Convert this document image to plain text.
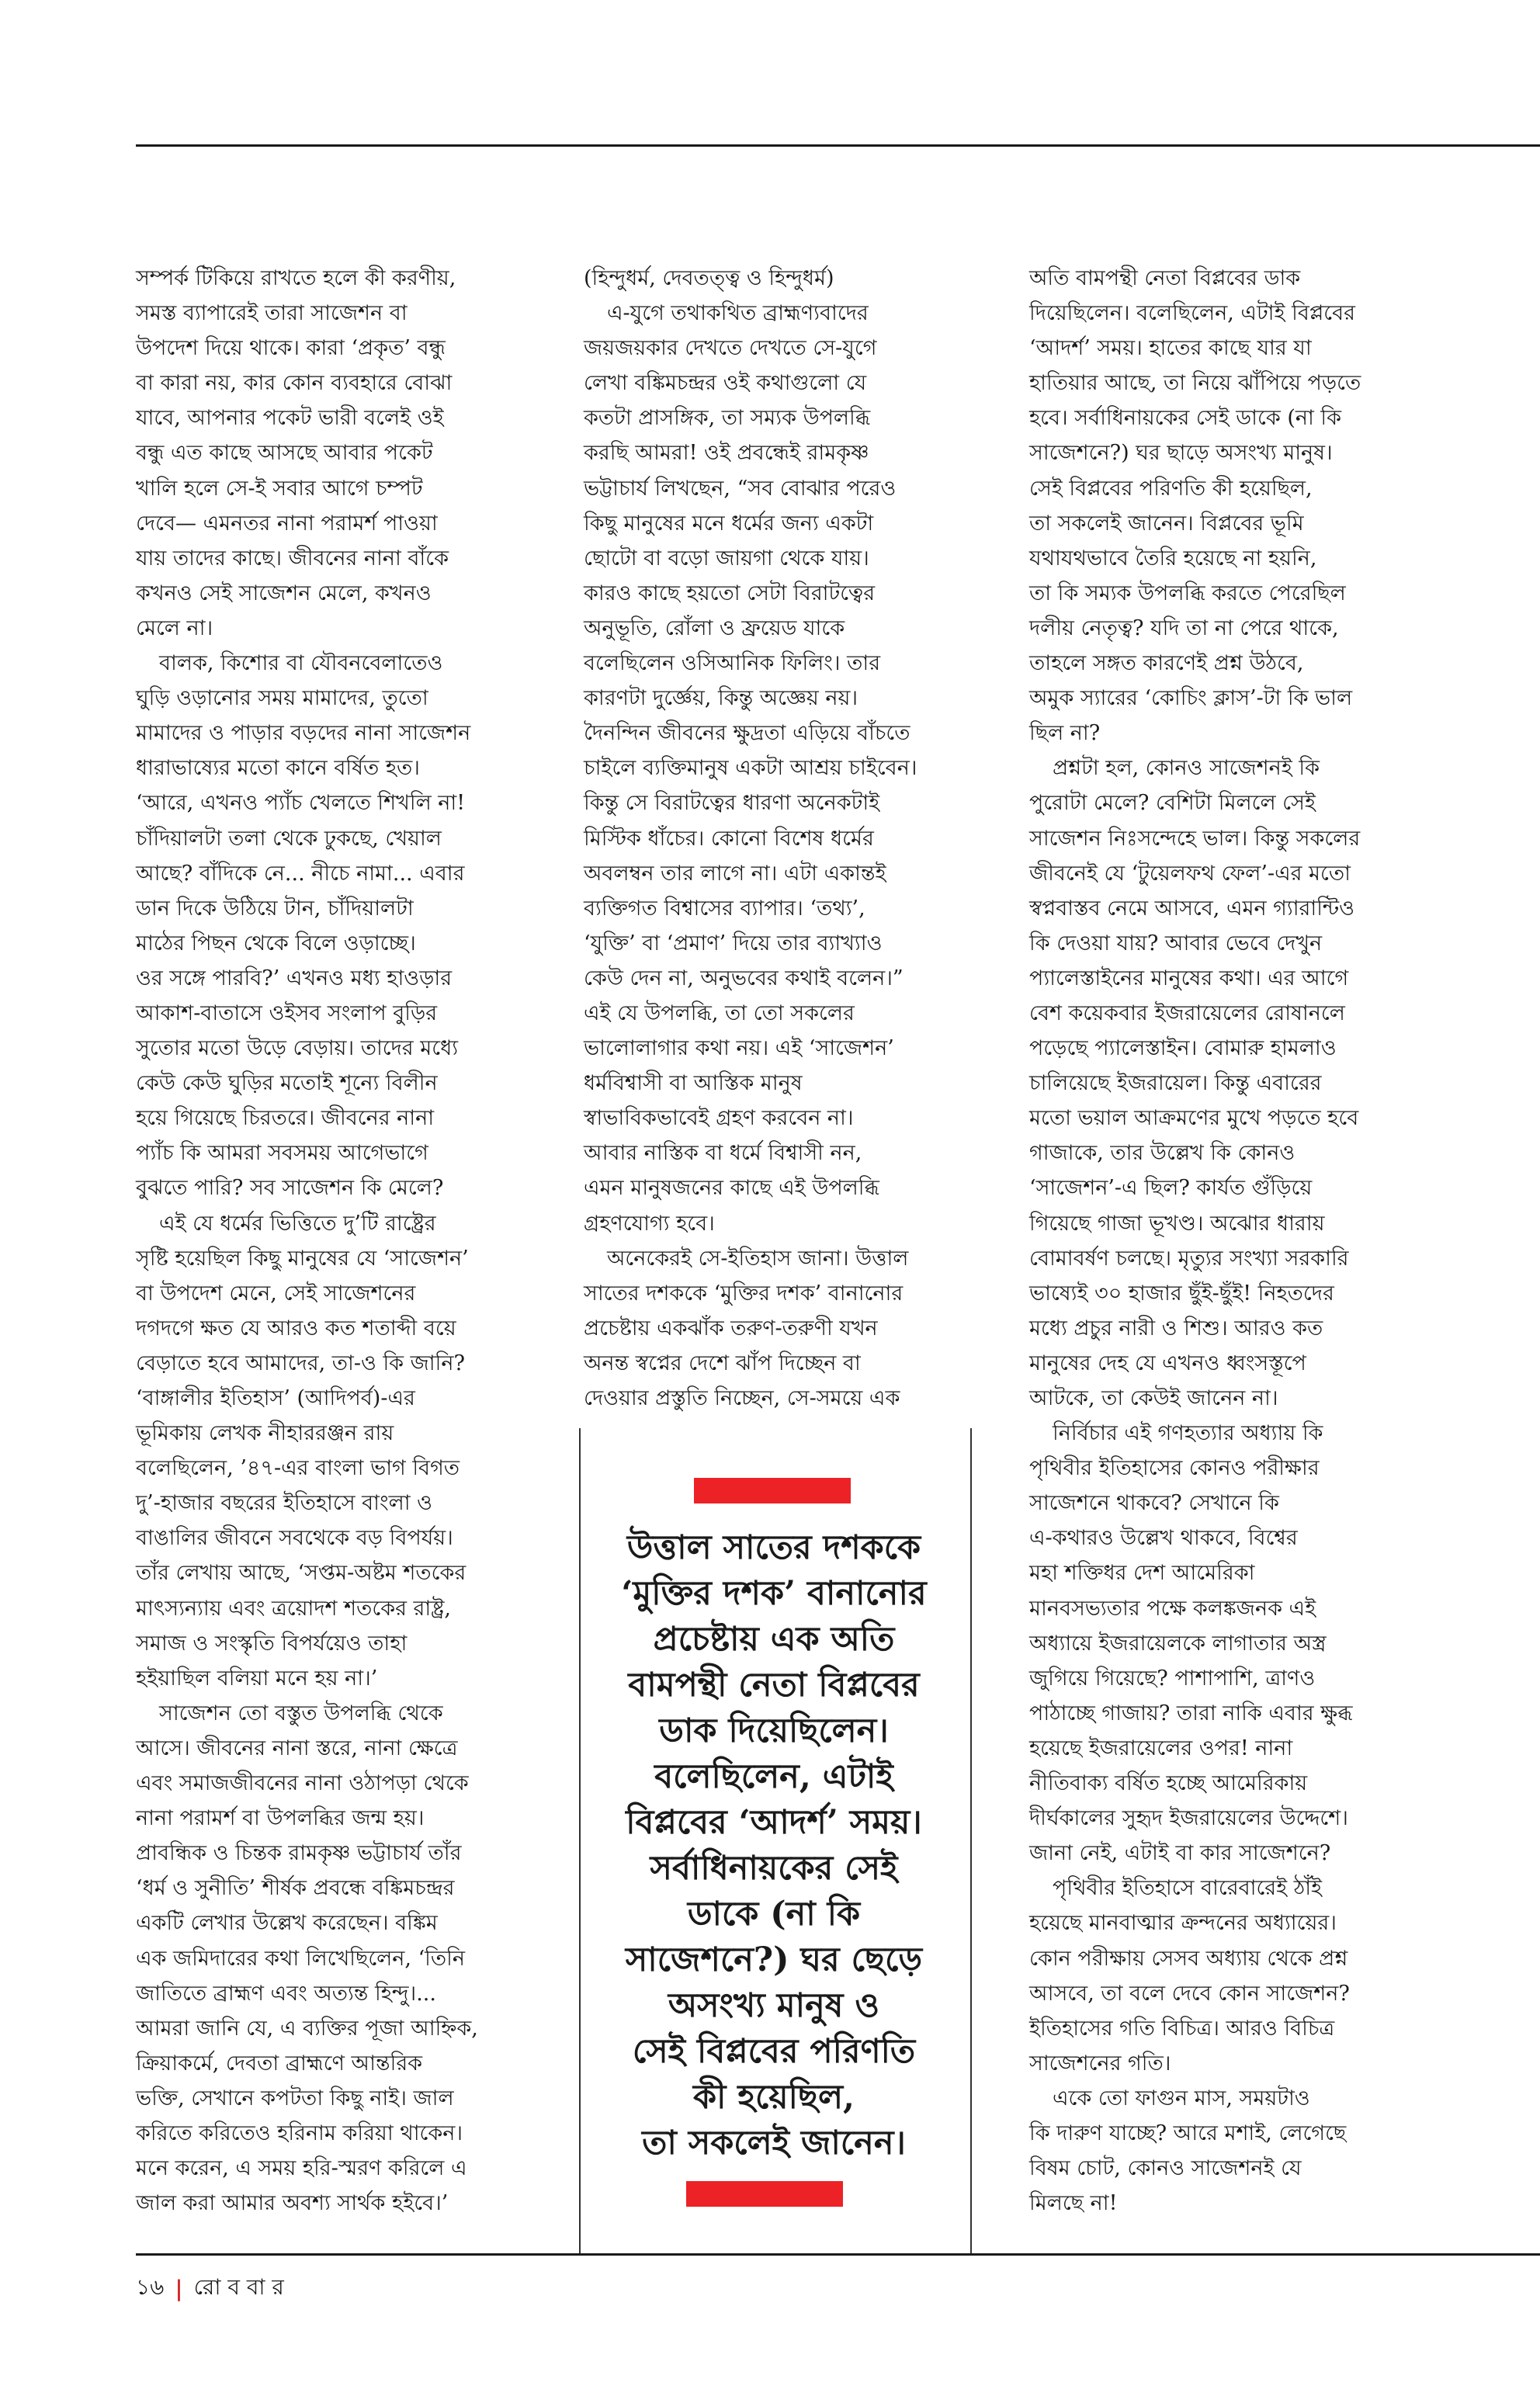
সম্পর্ক টিকিয়ে রাখতে হলে কী করণীয়,
সমস্ত ব্যাপারেই তারা সাজেশন বা
উপদেশ দিয়ে থাকে। কারা ‘প্রকৃত’ বন্ধু
বা কারা নয়, কার কোন ব্যবহারে বোঝা
যাবে, আপনার পকেট ভারী বলেই ওই
বন্ধু এত কাছে আসছে আবার পকেট
খালি হলে সে-ই সবার আগে চম্পট
দেবে— এমনতর নানা পরামর্শ পাওয়া
যায় তাদের কাছে। জীবনের নানা বাঁকে
কখনও সেই সাজেশন মেলে, কখনও
মেলে না।
বালক, কিশোর বা যৌবনবেলাতেও
ঘুড়ি ওড়ানোর সময় মামাদের, তুতো
মামাদের ও পাড়ার বড়দের নানা সাজেশন
ধারাভাষ্যের মতো কানে বর্ষিত হত।
‘আরে, এখনও প্যাঁচ খেলতে শিখলি না!
চাঁদিয়ালটা তলা থেকে ঢুকছে, খেয়াল
আছে? বাঁদিকে নে... নীচে নামা... এবার
ডান দিকে উঠিয়ে টান, চাঁদিয়ালটা
মাঠের পিছন থেকে বিলে ওড়াচ্ছে।
ওর সঙ্গে পারবি?’ এখনও মধ্য হাওড়ার
আকাশ-বাতাসে ওইসব সংলাপ বুড়ির
সুতোর মতো উড়ে বেড়ায়। তাদের মধ্যে
কেউ কেউ ঘুড়ির মতোই শূন্যে বিলীন
হয়ে গিয়েছে চিরতরে। জীবনের নানা
প্যাঁচ কি আমরা সবসময় আগেভাগে
বুঝতে পারি? সব সাজেশন কি মেলে?
এই যে ধর্মের ভিত্তিতে দু’টি রাষ্ট্রের
সৃষ্টি হয়েছিল কিছু মানুষের যে ‘সাজেশন’
বা উপদেশ মেনে, সেই সাজেশনের
দগদগে ক্ষত যে আরও কত শতাব্দী বয়ে
বেড়াতে হবে আমাদের, তা-ও কি জানি?
‘বাঙ্গালীর ইতিহাস’ (আদিপর্ব)-এর
ভূমিকায় লেখক নীহাররঞ্জন রায়
বলেছিলেন, ’৪৭-এর বাংলা ভাগ বিগত
দু’-হাজার বছরের ইতিহাসে বাংলা ও
বাঙালির জীবনে সবথেকে বড় বিপর্যয়।
তাঁর লেখায় আছে, ‘সপ্তম-অষ্টম শতকের
মাৎস্যন্যায় এবং ত্রয়োদশ শতকের রাষ্ট্র,
সমাজ ও সংস্কৃতি বিপর্যয়েও তাহা
হইয়াছিল বলিয়া মনে হয় না।’
সাজেশন তো বস্তুত উপলব্ধি থেকে
আসে। জীবনের নানা স্তরে, নানা ক্ষেত্রে
এবং সমাজজীবনের নানা ওঠাপড়া থেকে
নানা পরামর্শ বা উপলব্ধির জন্ম হয়।
প্রাবন্ধিক ও চিন্তক রামকৃষ্ণ ভট্টাচার্য তাঁর
‘ধর্ম ও সুনীতি’ শীর্ষক প্রবন্ধে বঙ্কিমচন্দ্রর
একটি লেখার উল্লেখ করেছেন। বঙ্কিম
এক জমিদারের কথা লিখেছিলেন, ‘তিনি
জাতিতে ব্রাহ্মণ এবং অত্যন্ত হিন্দু।...
আমরা জানি যে, এ ব্যক্তির পূজা আহ্নিক,
ক্রিয়াকর্মে, দেবতা ব্রাহ্মণে আন্তরিক
ভক্তি, সেখানে কপটতা কিছু নাই। জাল
করিতে করিতেও হরিনাম করিয়া থাকেন।
মনে করেন, এ সময় হরি-স্মরণ করিলে এ
জাল করা আমার অবশ্য সার্থক হইবে।’
(হিন্দুধর্ম, দেবতত্ত্ব ও হিন্দুধর্ম)
এ-যুগে তথাকথিত ব্রাহ্মণ্যবাদের
জয়জয়কার দেখতে দেখতে সে-যুগে
লেখা বঙ্কিমচন্দ্রর ওই কথাগুলো যে
কতটা প্রাসঙ্গিক, তা সম্যক উপলব্ধি
করছি আমরা! ওই প্রবন্ধেই রামকৃষ্ণ
ভট্টাচার্য লিখছেন, “সব বোঝার পরেও
কিছু মানুষের মনে ধর্মের জন্য একটা
ছোটো বা বড়ো জায়গা থেকে যায়।
কারও কাছে হয়তো সেটা বিরাটত্বের
অনুভূতি, রোঁলা ও ফ্রয়েড যাকে
বলেছিলেন ওসিআনিক ফিলিং। তার
কারণটা দুর্জ্ঞেয়, কিন্তু অজ্ঞেয় নয়।
দৈনন্দিন জীবনের ক্ষুদ্রতা এড়িয়ে বাঁচতে
চাইলে ব্যক্তিমানুষ একটা আশ্রয় চাইবেন।
কিন্তু সে বিরাটত্বের ধারণা অনেকটাই
মিস্টিক ধাঁচের। কোনো বিশেষ ধর্মের
অবলম্বন তার লাগে না। এটা একান্তই
ব্যক্তিগত বিশ্বাসের ব্যাপার। ‘তথ্য’,
‘যুক্তি’ বা ‘প্রমাণ’ দিয়ে তার ব্যাখ্যাও
কেউ দেন না, অনুভবের কথাই বলেন।”
এই যে উপলব্ধি, তা তো সকলের
ভালোলাগার কথা নয়। এই ‘সাজেশন’
ধর্মবিশ্বাসী বা আস্তিক মানুষ
স্বাভাবিকভাবেই গ্রহণ করবেন না।
আবার নাস্তিক বা ধর্মে বিশ্বাসী নন,
এমন মানুষজনের কাছে এই উপলব্ধি
গ্রহণযোগ্য হবে।
অনেকেরই সে-ইতিহাস জানা। উত্তাল
সাতের দশককে ‘মুক্তির দশক’ বানানোর
প্রচেষ্টায় একঝাঁক তরুণ-তরুণী যখন
অনন্ত স্বপ্নের দেশে ঝাঁপ দিচ্ছেন বা
দেওয়ার প্রস্তুতি নিচ্ছেন, সে-সময়ে এক
অতি বামপন্থী নেতা বিপ্লবের ডাক
দিয়েছিলেন। বলেছিলেন, এটাই বিপ্লবের
‘আদর্শ’ সময়। হাতের কাছে যার যা
হাতিয়ার আছে, তা নিয়ে ঝাঁপিয়ে পড়তে
হবে। সর্বাধিনায়কের সেই ডাকে (না কি
সাজেশনে?) ঘর ছাড়ে অসংখ্য মানুষ।
সেই বিপ্লবের পরিণতি কী হয়েছিল,
তা সকলেই জানেন। বিপ্লবের ভূমি
যথাযথভাবে তৈরি হয়েছে না হয়নি,
তা কি সম্যক উপলব্ধি করতে পেরেছিল
দলীয় নেতৃত্ব? যদি তা না পেরে থাকে,
তাহলে সঙ্গত কারণেই প্রশ্ন উঠবে,
অমুক স্যারের ‘কোচিং ক্লাস’-টা কি ভাল
ছিল না?
প্রশ্নটা হল, কোনও সাজেশনই কি
পুরোটা মেলে? বেশিটা মিললে সেই
সাজেশন নিঃসন্দেহে ভাল। কিন্তু সকলের
জীবনেই যে ‘টুয়েলফথ ফেল’-এর মতো
স্বপ্নবাস্তব নেমে আসবে, এমন গ্যারান্টিও
কি দেওয়া যায়? আবার ভেবে দেখুন
প্যালেস্তাইনের মানুষের কথা। এর আগে
বেশ কয়েকবার ইজরায়েলের রোষানলে
পড়েছে প্যালেস্তাইন। বোমারু হামলাও
চালিয়েছে ইজরায়েল। কিন্তু এবারের
মতো ভয়াল আক্রমণের মুখে পড়তে হবে
গাজাকে, তার উল্লেখ কি কোনও
‘সাজেশন’-এ ছিল? কার্যত গুঁড়িয়ে
গিয়েছে গাজা ভূখণ্ড। অঝোর ধারায়
বোমাবর্ষণ চলছে। মৃত্যুর সংখ্যা সরকারি
ভাষ্যেই ৩০ হাজার ছুঁই-ছুঁই! নিহতদের
মধ্যে প্রচুর নারী ও শিশু। আরও কত
মানুষের দেহ যে এখনও ধ্বংসস্তূপে
আটকে, তা কেউই জানেন না।
নির্বিচার এই গণহত্যার অধ্যায় কি
পৃথিবীর ইতিহাসের কোনও পরীক্ষার
সাজেশনে থাকবে? সেখানে কি
এ-কথারও উল্লেখ থাকবে, বিশ্বের
মহা শক্তিধর দেশ আমেরিকা
মানবসভ্যতার পক্ষে কলঙ্কজনক এই
অধ্যায়ে ইজরায়েলকে লাগাতার অস্ত্র
জুগিয়ে গিয়েছে? পাশাপাশি, ত্রাণও
পাঠাচ্ছে গাজায়? তারা নাকি এবার ক্ষুব্ধ
হয়েছে ইজরায়েলের ওপর! নানা
নীতিবাক্য বর্ষিত হচ্ছে আমেরিকায়
দীর্ঘকালের সুহৃদ ইজরায়েলের উদ্দেশে।
জানা নেই, এটাই বা কার সাজেশনে?
পৃথিবীর ইতিহাসে বারেবারেই ঠাঁই
হয়েছে মানবাত্মার ক্রন্দনের অধ্যায়ের।
কোন পরীক্ষায় সেসব অধ্যায় থেকে প্রশ্ন
আসবে, তা বলে দেবে কোন সাজেশন?
ইতিহাসের গতি বিচিত্র। আরও বিচিত্র
সাজেশনের গতি।
একে তো ফাগুন মাস, সময়টাও
কি দারুণ যাচ্ছে? আরে মশাই, লেগেছে
বিষম চোট, কোনও সাজেশনই যে
মিলছে না!
উত্তাল সাতের দশককে
‘মুক্তির দশক’ বানানোর
প্রচেষ্টায় এক অতি
বামপন্থী নেতা বিপ্লবের
ডাক দিয়েছিলেন।
বলেছিলেন, এটাই
বিপ্লবের ‘আদর্শ’ সময়।
সর্বাধিনায়কের সেই
ডাকে (না কি
সাজেশনে?) ঘর ছেড়ে
অসংখ্য মানুষ ও
সেই বিপ্লবের পরিণতি
কী হয়েছিল,
তা সকলেই জানেন।
১৬ | রো ব বা র
